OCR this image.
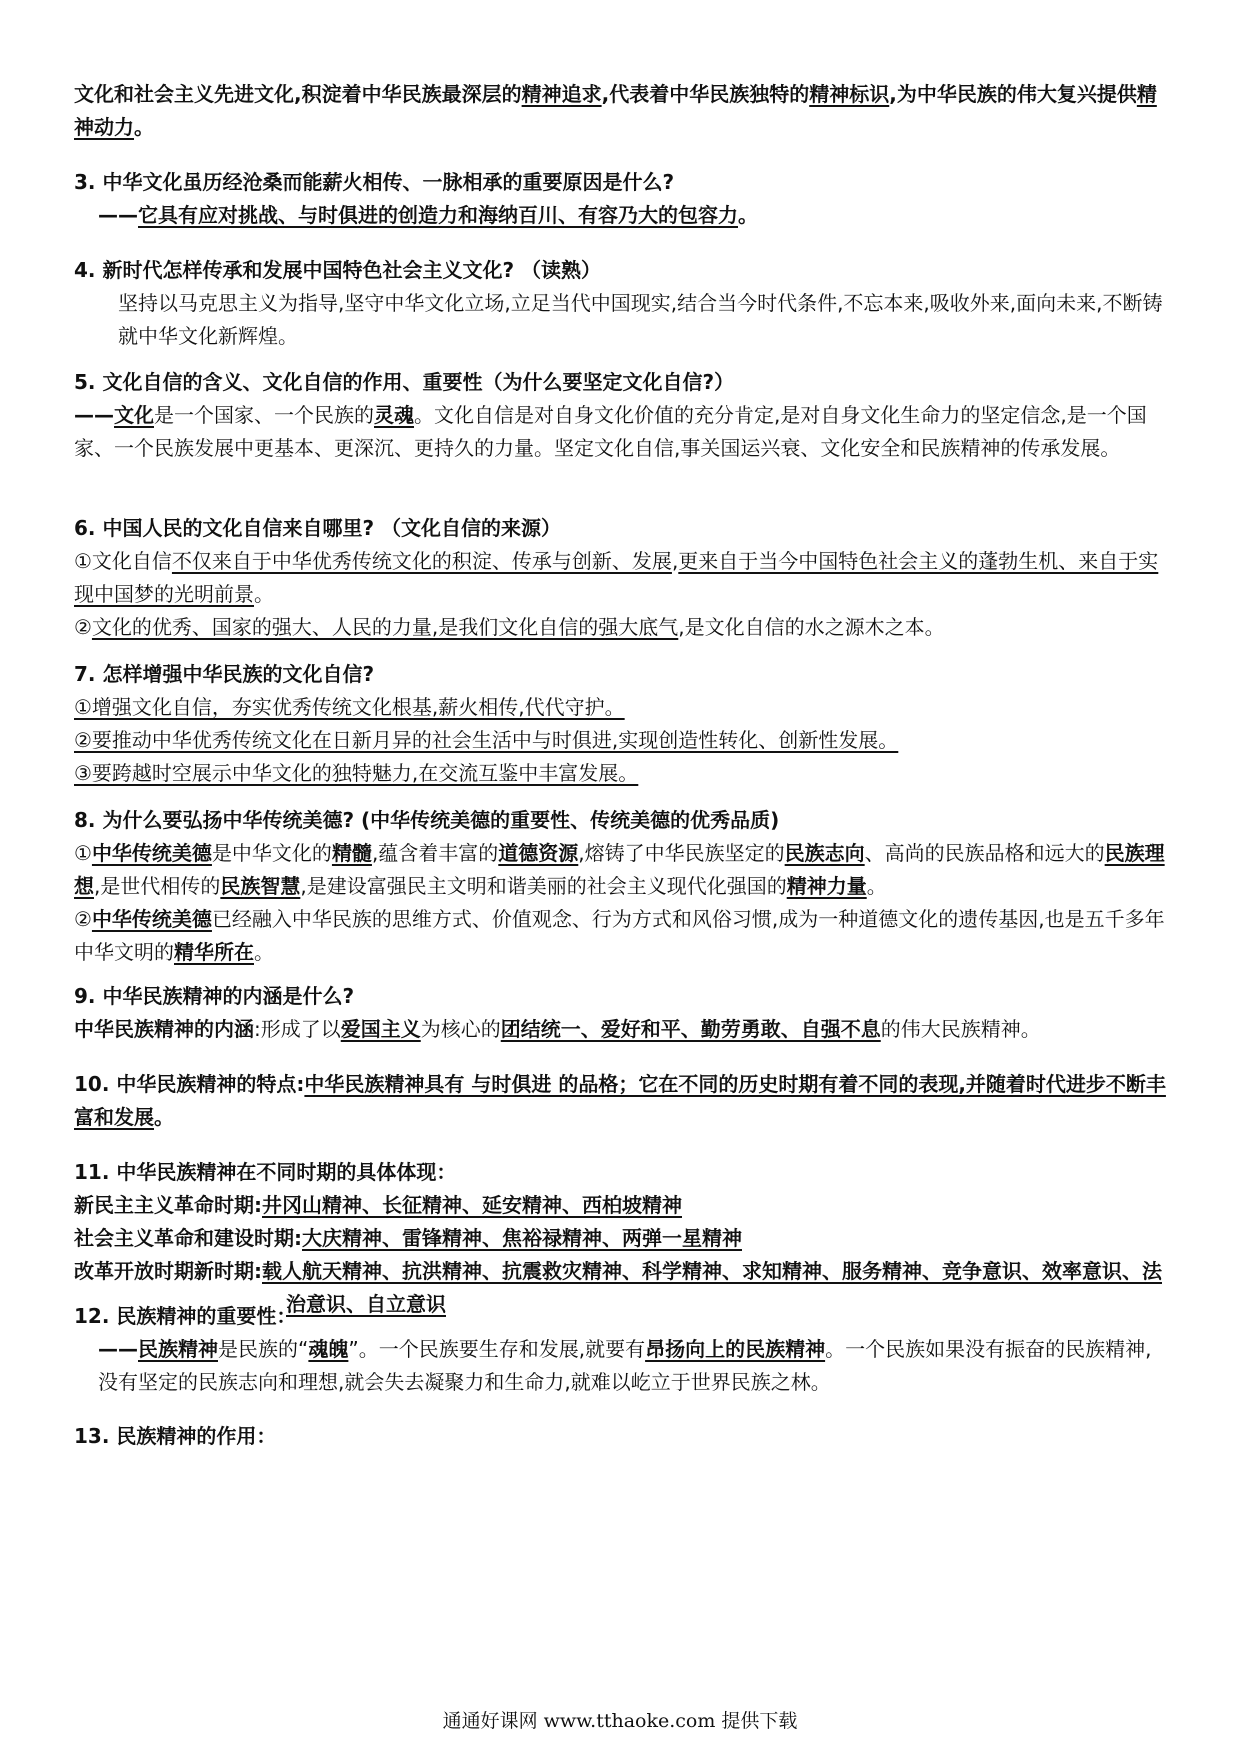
文化和社会主义先进文化,积淀着中华民族最深层的精神追求,代表着中华民族独特的精神标识,为中华民族的伟大复兴提供精神动力。

3. 中华文化虽历经沧桑而能薪火相传、一脉相承的重要原因是什么?

——它具有应对挑战、与时俱进的创造力和海纳百川、有容乃大的包容力。

4. 新时代怎样传承和发展中国特色社会主义文化? （读熟）

坚持以马克思主义为指导,坚守中华文化立场,立足当代中国现实,结合当今时代条件,不忘本来,吸收外来,面向未来,不断铸就中华文化新辉煌。

5. 文化自信的含义、文化自信的作用、重要性（为什么要坚定文化自信?）

——文化是一个国家、一个民族的灵魂。文化自信是对自身文化价值的充分肯定,是对自身文化生命力的坚定信念,是一个国家、一个民族发展中更基本、更深沉、更持久的力量。坚定文化自信,事关国运兴衰、文化安全和民族精神的传承发展。

6. 中国人民的文化自信来自哪里? （文化自信的来源）

①文化自信不仅来自于中华优秀传统文化的积淀、传承与创新、发展,更来自于当今中国特色社会主义的蓬勃生机、来自于实现中国梦的光明前景。

②文化的优秀、国家的强大、人民的力量,是我们文化自信的强大底气,是文化自信的水之源木之本。

7. 怎样增强中华民族的文化自信?

①增强文化自信，夯实优秀传统文化根基,薪火相传,代代守护。

②要推动中华优秀传统文化在日新月异的社会生活中与时俱进,实现创造性转化、创新性发展。

③要跨越时空展示中华文化的独特魅力,在交流互鉴中丰富发展。

8. 为什么要弘扬中华传统美德? (中华传统美德的重要性、传统美德的优秀品质)

①中华传统美德是中华文化的精髓,蕴含着丰富的道德资源,熔铸了中华民族坚定的民族志向、高尚的民族品格和远大的民族理想,是世代相传的民族智慧,是建设富强民主文明和谐美丽的社会主义现代化强国的精神力量。

②中华传统美德已经融入中华民族的思维方式、价值观念、行为方式和风俗习惯,成为一种道德文化的遗传基因,也是五千多年中华文明的精华所在。

9. 中华民族精神的内涵是什么?

中华民族精神的内涵:形成了以爱国主义为核心的团结统一、爱好和平、勤劳勇敢、自强不息的伟大民族精神。

10. 中华民族精神的特点:中华民族精神具有 与时俱进 的品格；它在不同的历史时期有着不同的表现,并随着时代进步不断丰富和发展。

11. 中华民族精神在不同时期的具体体现：

新民主主义革命时期:井冈山精神、长征精神、延安精神、西柏坡精神

社会主义革命和建设时期:大庆精神、雷锋精神、焦裕禄精神、两弹一星精神

改革开放时期新时期:载人航天精神、抗洪精神、抗震救灾精神、科学精神、求知精神、服务精神、竞争意识、效率意识、法治意识、自立意识

12. 民族精神的重要性：

——民族精神是民族的“魂魄”。一个民族要生存和发展,就要有昂扬向上的民族精神。一个民族如果没有振奋的民族精神,没有坚定的民族志向和理想,就会失去凝聚力和生命力,就难以屹立于世界民族之林。

13. 民族精神的作用：

通通好课网 www.tthaoke.com 提供下载
